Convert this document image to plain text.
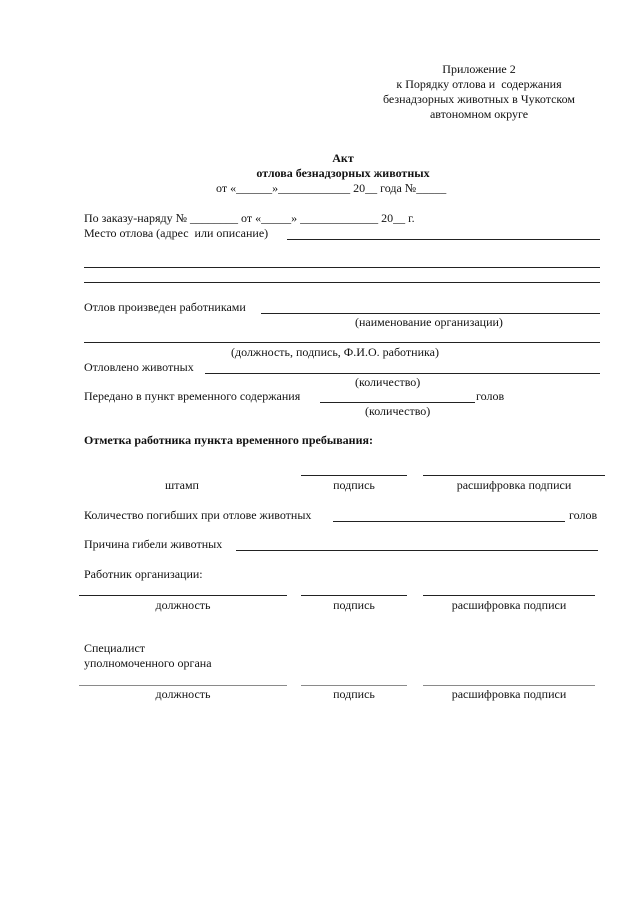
Приложение 2
к Порядку отлова и  содержания
безнадзорных животных в Чукотском
автономном округе
Акт
отлова безнадзорных животных
от «______»____________ 20__ года №_____
По заказу-наряду № ________ от «_____» _____________ 20__ г.
Место отлова (адрес  или описание)
Отлов произведен работниками
(наименование организации)
(должность, подпись, Ф.И.О. работника)
Отловлено животных
(количество)
Передано в пункт временного содержания	голов
(количество)
Отметка работника пункта временного пребывания:
штамп	подпись	расшифровка подписи
Количество погибших при отлове животных	голов
Причина гибели животных
Работник организации:
должность	подпись	расшифровка подписи
Специалист
уполномоченного органа
должность	подпись	расшифровка подписи
